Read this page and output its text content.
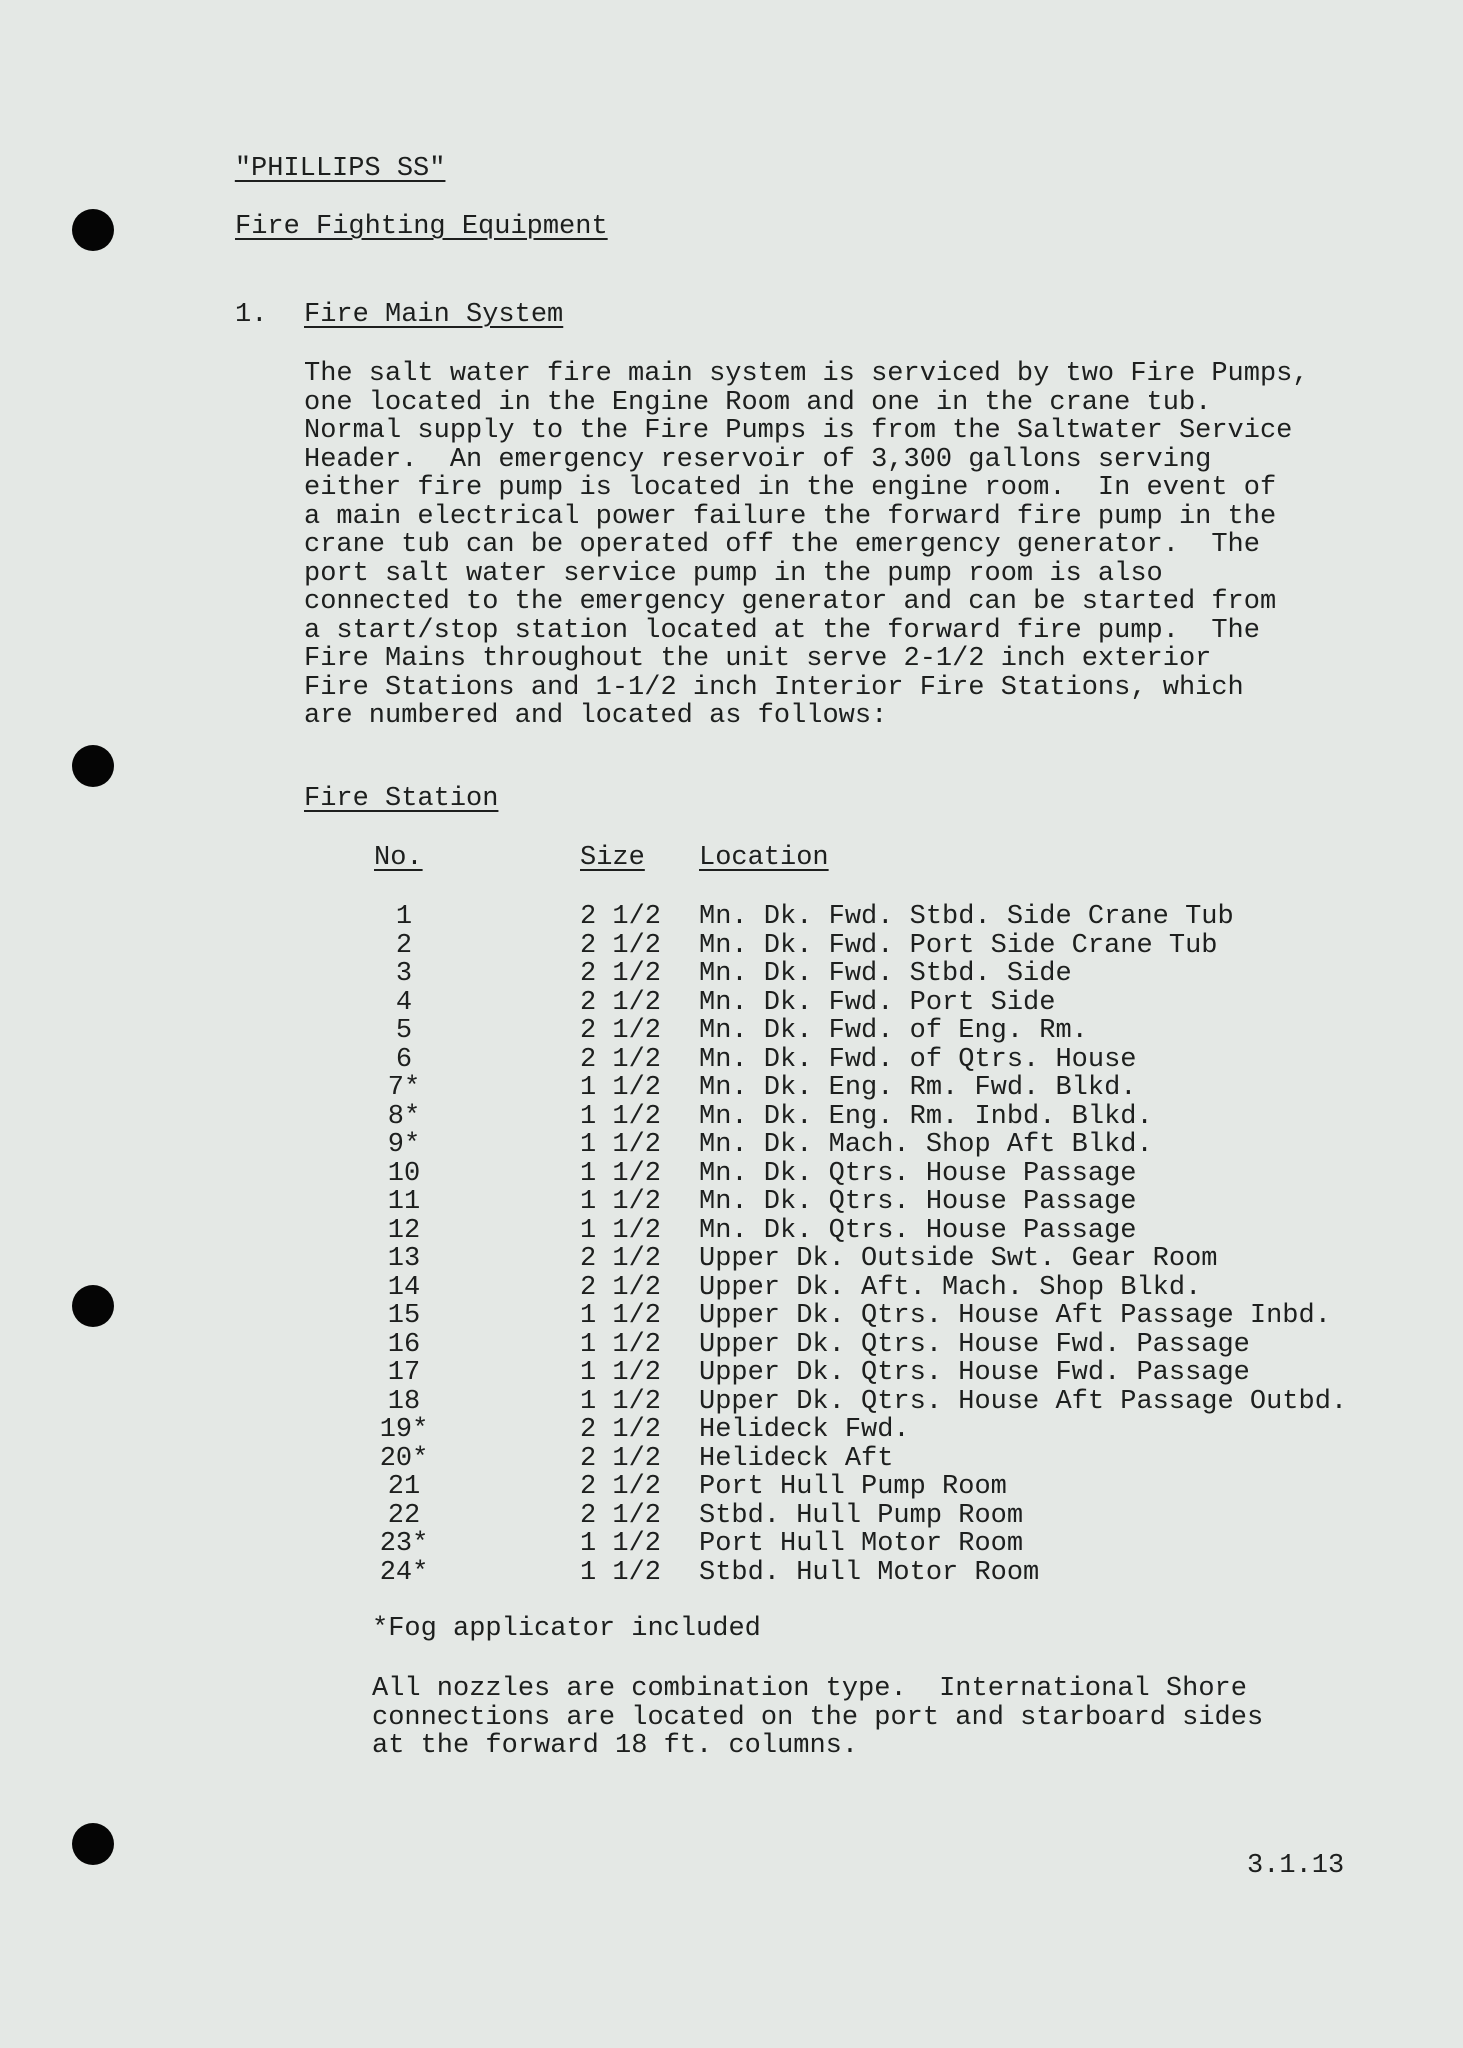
"PHILLIPS SS"

Fire Fighting Equipment
1. Fire Main System
The salt water fire main system is serviced by two Fire Pumps,
one located in the Engine Room and one in the crane tub.
Normal supply to the Fire Pumps is from the Saltwater Service
Header.  An emergency reservoir of 3,300 gallons serving
either fire pump is located in the engine room.  In event of
a main electrical power failure the forward fire pump in the
crane tub can be operated off the emergency generator.  The
port salt water service pump in the pump room is also
connected to the emergency generator and can be started from
a start/stop station located at the forward fire pump.  The
Fire Mains throughout the unit serve 2-1/2 inch exterior
Fire Stations and 1-1/2 inch Interior Fire Stations, which
are numbered and located as follows:
Fire Station
No.	Size Location
1	2 1/2 Mn. Dk. Fwd. Stbd. Side Crane Tub
2	2 1/2 Mn. Dk. Fwd. Port Side Crane Tub
3	2 1/2 Mn. Dk. Fwd. Stbd. Side
4	2 1/2 Mn. Dk. Fwd. Port Side
5	2 1/2 Mn. Dk. Fwd. of Eng. Rm.
6	2 1/2 Mn. Dk. Fwd. of Qtrs. House
7*	1 1/2 Mn. Dk. Eng. Rm. Fwd. Blkd.
8*	1 1/2 Mn. Dk. Eng. Rm. Inbd. Blkd.
9*	1 1/2 Mn. Dk. Mach. Shop Aft Blkd.
10	1 1/2 Mn. Dk. Qtrs. House Passage
11	1 1/2 Mn. Dk. Qtrs. House Passage
12	1 1/2 Mn. Dk. Qtrs. House Passage
13	2 1/2 Upper Dk. Outside Swt. Gear Room
14	2 1/2 Upper Dk. Aft. Mach. Shop Blkd.
15	1 1/2 Upper Dk. Qtrs. House Aft Passage Inbd.
16	1 1/2 Upper Dk. Qtrs. House Fwd. Passage
17	1 1/2 Upper Dk. Qtrs. House Fwd. Passage
18	1 1/2 Upper Dk. Qtrs. House Aft Passage Outbd.
19*	2 1/2 Helideck Fwd.
20*	2 1/2 Helideck Aft
21	2 1/2 Port Hull Pump Room
22	2 1/2 Stbd. Hull Pump Room
23*	1 1/2 Port Hull Motor Room
24*	1 1/2 Stbd. Hull Motor Room
*Fog applicator included
All nozzles are combination type.  International Shore
connections are located on the port and starboard sides
at the forward 18 ft. columns.
3.1.13
